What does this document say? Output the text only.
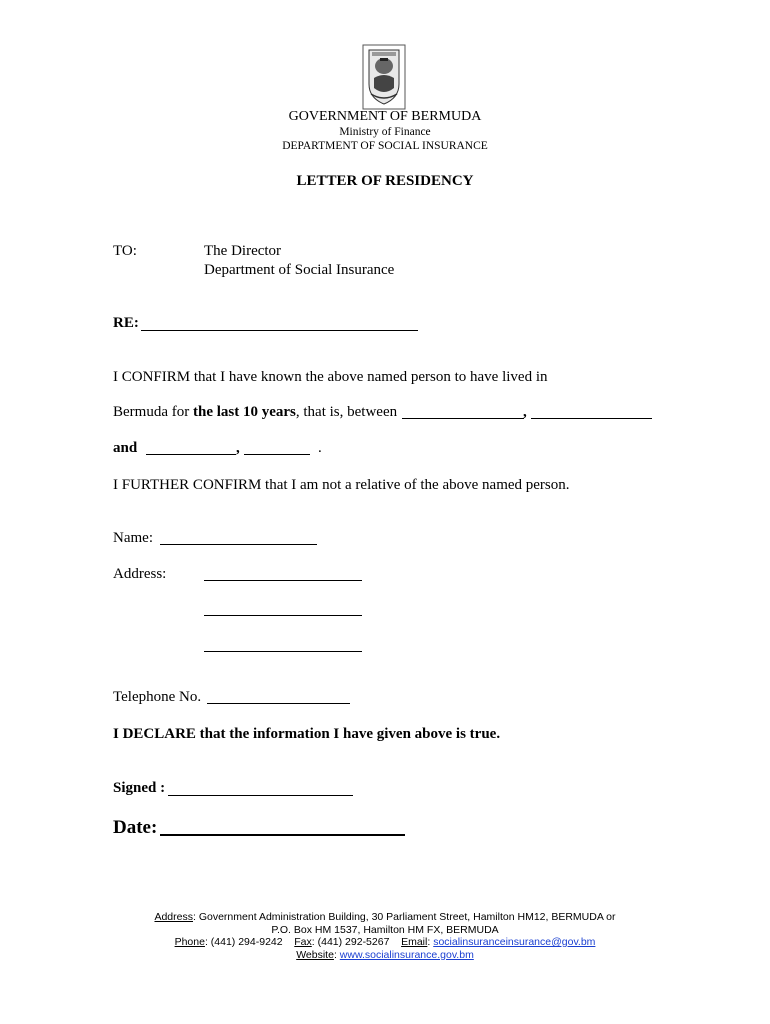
GOVERNMENT OF BERMUDA
Ministry of Finance
DEPARTMENT OF SOCIAL INSURANCE
LETTER OF RESIDENCY
TO:	The Director
Department of Social Insurance
RE:
I CONFIRM that I have known the above named person to have lived in
Bermuda for the last 10 years, that is, between	,
and	,	.
I FURTHER CONFIRM that I am not a relative of the above named person.
Name:
Address:
Telephone No.
I DECLARE that the information I have given above is true.
Signed :
Date:
Address: Government Administration Building, 30 Parliament Street, Hamilton HM12, BERMUDA or
P.O. Box HM 1537, Hamilton HM FX, BERMUDA
Phone: (441) 294-9242 Fax: (441) 292-5267 Email: socialinsuranceinsurance@gov.bm
Website: www.socialinsurance.gov.bm
